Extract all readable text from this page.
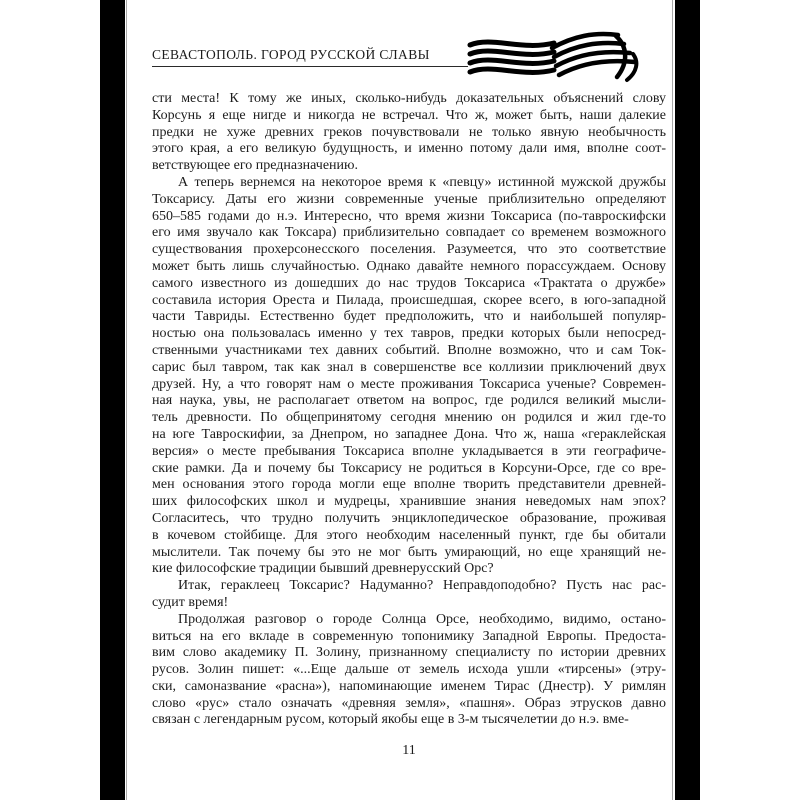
СЕВАСТОПОЛЬ. ГОРОД РУССКОЙ СЛАВЫ
сти места! К тому же иных, сколько-нибудь доказательных объяснений слову
Корсунь я еще нигде и никогда не встречал. Что ж, может быть, наши далекие
предки не хуже древних греков почувствовали не только явную необычность
этого края, а его великую будущность, и именно потому дали имя, вполне соот-
ветствующее его предназначению.
А теперь вернемся на некоторое время к «певцу» истинной мужской дружбы
Токсарису. Даты его жизни современные ученые приблизительно определяют
650–585 годами до н.э. Интересно, что время жизни Токсариса (по-тавроскифски
его имя звучало как Токсара) приблизительно совпадает со временем возможного
существования прохерсонесского поселения. Разумеется, что это соответствие
может быть лишь случайностью. Однако давайте немного порассуждаем. Основу
самого известного из дошедших до нас трудов Токсариса «Трактата о дружбе»
составила история Ореста и Пилада, происшедшая, скорее всего, в юго-западной
части Тавриды. Естественно будет предположить, что и наибольшей популяр-
ностью она пользовалась именно у тех тавров, предки которых были непосред-
ственными участниками тех давних событий. Вполне возможно, что и сам Ток-
сарис был тавром, так как знал в совершенстве все коллизии приключений двух
друзей. Ну, а что говорят нам о месте проживания Токсариса ученые? Современ-
ная наука, увы, не располагает ответом на вопрос, где родился великий мысли-
тель древности. По общепринятому сегодня мнению он родился и жил где-то
на юге Тавроскифии, за Днепром, но западнее Дона. Что ж, наша «гераклейская
версия» о месте пребывания Токсариса вполне укладывается в эти географиче-
ские рамки. Да и почему бы Токсарису не родиться в Корсуни-Орсе, где со вре-
мен основания этого города могли еще вполне творить представители древней-
ших философских школ и мудрецы, хранившие знания неведомых нам эпох?
Согласитесь, что трудно получить энциклопедическое образование, проживая
в кочевом стойбище. Для этого необходим населенный пункт, где бы обитали
мыслители. Так почему бы это не мог быть умирающий, но еще хранящий не-
кие философские традиции бывший древнерусский Орс?
Итак, гераклеец Токсарис? Надуманно? Неправдоподобно? Пусть нас рас-
судит время!
Продолжая разговор о городе Солнца Орсе, необходимо, видимо, остано-
виться на его вкладе в современную топонимику Западной Европы. Предоста-
вим слово академику П. Золину, признанному специалисту по истории древних
русов. Золин пишет: «...Еще дальше от земель исхода ушли «тирсены» (этру-
ски, самоназвание «расна»), напоминающие именем Тирас (Днестр). У римлян
слово «рус» стало означать «древняя земля», «пашня». Образ этрусков давно
связан с легендарным русом, который якобы еще в 3-м тысячелетии до н.э. вме-
11
